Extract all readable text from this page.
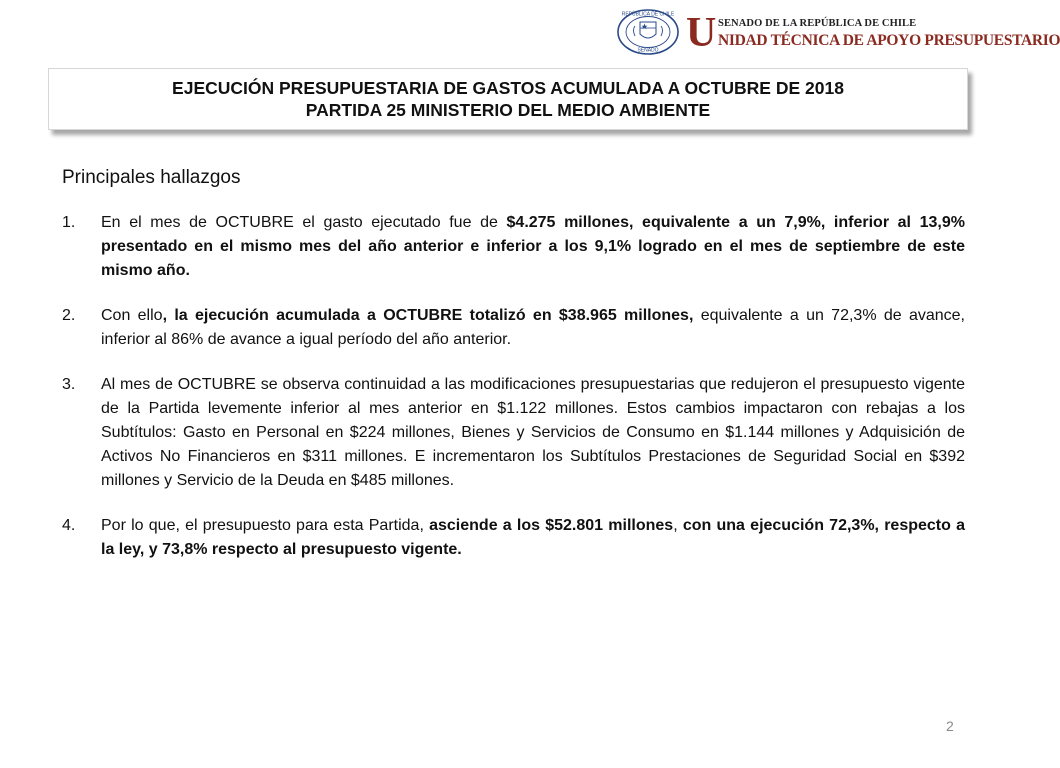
REPÚBLICA DE CHILE
SENADO U SENADO DE LA REPÚBLICA DE CHILE
NIDAD TÉCNICA DE APOYO PRESUPUESTARIO
EJECUCIÓN PRESUPUESTARIA DE GASTOS ACUMULADA A OCTUBRE DE 2018
PARTIDA 25 MINISTERIO DEL MEDIO AMBIENTE
Principales hallazgos
1. En el mes de OCTUBRE el gasto ejecutado fue de $4.275 millones, equivalente a un 7,9%, inferior al 13,9% presentado en el mismo mes del año anterior e inferior a los 9,1% logrado en el mes de septiembre de este mismo año.
2. Con ello, la ejecución acumulada a OCTUBRE totalizó en $38.965 millones, equivalente a un 72,3% de avance, inferior al 86% de avance a igual período del año anterior.
3. Al mes de OCTUBRE se observa continuidad a las modificaciones presupuestarias que redujeron el presupuesto vigente de la Partida levemente inferior al mes anterior en $1.122 millones. Estos cambios impactaron con rebajas a los Subtítulos: Gasto en Personal en $224 millones, Bienes y Servicios de Consumo en $1.144 millones y Adquisición de Activos No Financieros en $311 millones. E incrementaron los Subtítulos Prestaciones de Seguridad Social en $392 millones y Servicio de la Deuda en $485 millones.
4. Por lo que, el presupuesto para esta Partida, asciende a los $52.801 millones, con una ejecución 72,3%, respecto a la ley, y 73,8% respecto al presupuesto vigente.
2
